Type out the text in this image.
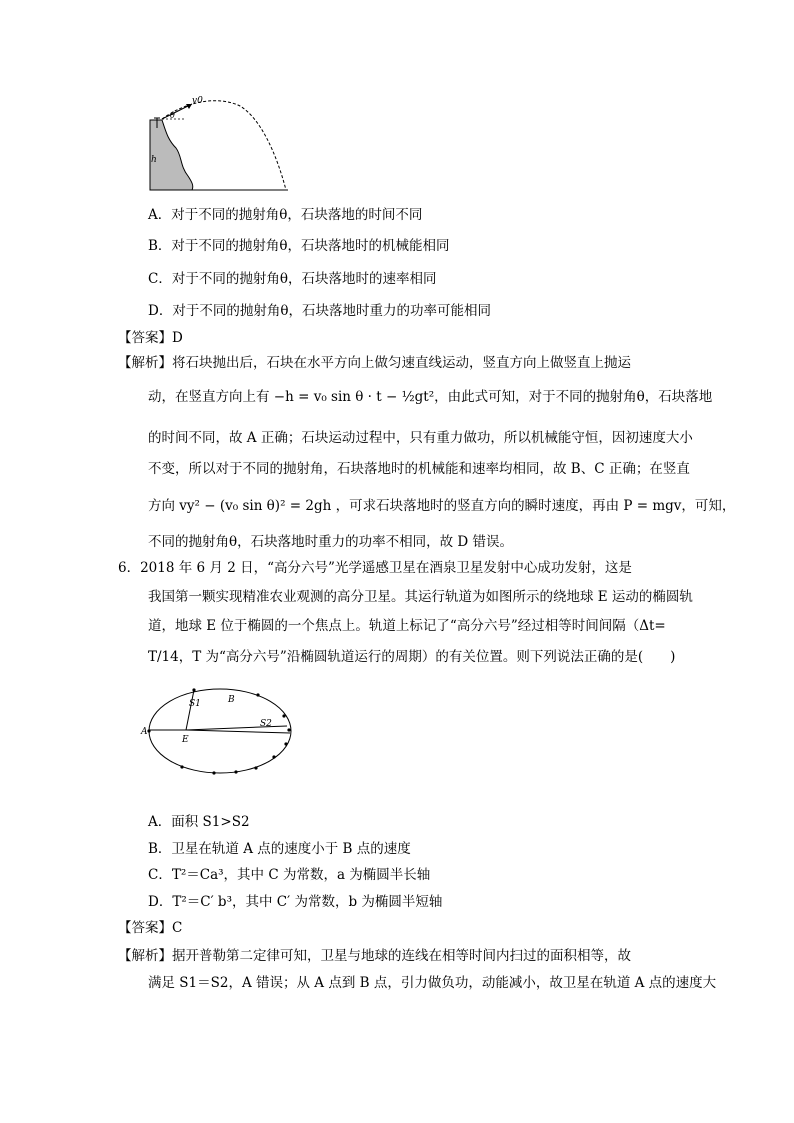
v0
θ
h
A．对于不同的抛射角θ，石块落地的时间不同
B．对于不同的抛射角θ，石块落地时的机械能相同
C．对于不同的抛射角θ，石块落地时的速率相同
D．对于不同的抛射角θ，石块落地时重力的功率可能相同
【答案】D
【解析】将石块抛出后，石块在水平方向上做匀速直线运动，竖直方向上做竖直上抛运
动，在竖直方向上有 −h = v₀ sin θ · t − ½gt²，由此式可知，对于不同的抛射角θ，石块落地
的时间不同，故 A 正确；石块运动过程中，只有重力做功，所以机械能守恒，因初速度大小
不变，所以对于不同的抛射角，石块落地时的机械能和速率均相同，故 B、C 正确；在竖直
方向 vy² − (v₀ sin θ)² = 2gh ，可求石块落地时的竖直方向的瞬时速度，再由 P = mgv，可知，
不同的抛射角θ，石块落地时重力的功率不相同，故 D 错误。
6．2018 年 6 月 2 日，“高分六号”光学遥感卫星在酒泉卫星发射中心成功发射，这是
我国第一颗实现精准农业观测的高分卫星。其运行轨道为如图所示的绕地球 E 运动的椭圆轨
道，地球 E 位于椭圆的一个焦点上。轨道上标记了“高分六号”经过相等时间间隔（Δt=
T/14，T 为“高分六号”沿椭圆轨道运行的周期）的有关位置。则下列说法正确的是(　　)
A
B
E
S1
S2
A．面积 S1>S2
B．卫星在轨道 A 点的速度小于 B 点的速度
C．T²＝Ca³，其中 C 为常数，a 为椭圆半长轴
D．T²＝C′ b³，其中 C′ 为常数，b 为椭圆半短轴
【答案】C
【解析】据开普勒第二定律可知，卫星与地球的连线在相等时间内扫过的面积相等，故
满足 S1＝S2，A 错误；从 A 点到 B 点，引力做负功，动能减小，故卫星在轨道 A 点的速度大
